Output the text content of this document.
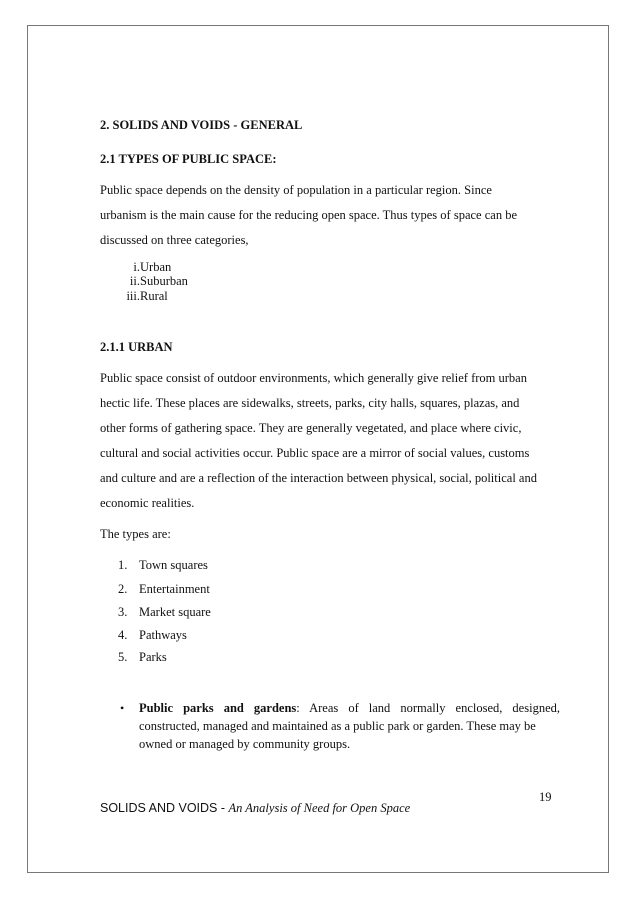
2. SOLIDS AND VOIDS - GENERAL
2.1 TYPES OF PUBLIC SPACE:
Public space depends on the density of population in a particular region. Since
urbanism is the main cause for the reducing open space. Thus types of space can be
discussed on three categories,
i. Urban
ii. Suburban
iii. Rural
2.1.1 URBAN
Public space consist of outdoor environments, which generally give relief from urban
hectic life. These places are sidewalks, streets, parks, city halls, squares, plazas, and
other forms of gathering space. They are generally vegetated, and place where civic,
cultural and social activities occur. Public space are a mirror of social values, customs
and culture and are a reflection of the interaction between physical, social, political and
economic realities.
The types are:
1. Town squares
2. Entertainment
3. Market square
4. Pathways
5. Parks
• Public parks and gardens: Areas of land normally enclosed, designed,
constructed, managed and maintained as a public park or garden. These may be
owned or managed by community groups.
19
SOLIDS AND VOIDS - An Analysis of Need for Open Space
